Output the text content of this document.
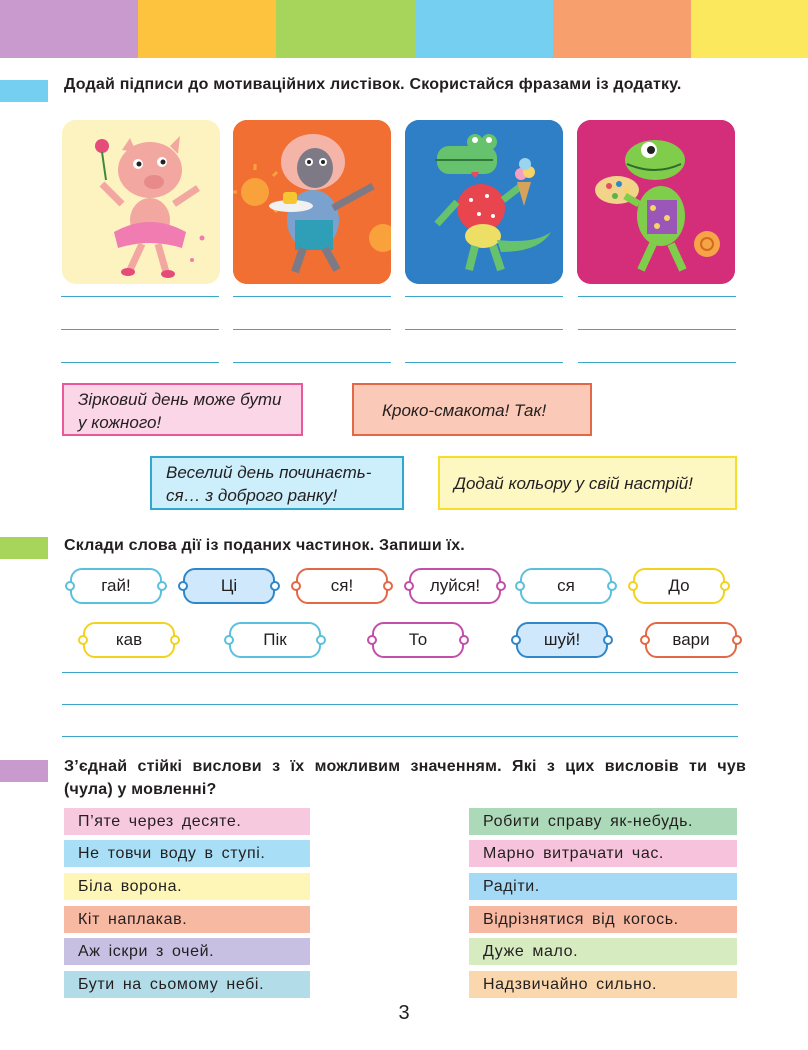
Додай підписи до мотиваційних листівок. Скористайся фразами із додатку.
Зірковий день може бути
у кожного!
Кроко-смакота! Так!
Веселий день починаєть-
ся… з доброго ранку!
Додай кольору у свій настрій!
Склади слова дії із поданих частинок. Запиши їх.
гай!	Ці	ся!	луйся!	ся	До
кав	Пік	То	шуй!	вари
З’єднай стійкі вислови з їх можливим значенням. Які з цих висловів ти чув
(чула) у мовленні?
П’яте через десяте.
Не товчи воду в ступі.
Біла ворона.
Кіт наплакав.
Аж іскри з очей.
Бути на сьомому небі.
Робити справу як-небудь.
Марно витрачати час.
Радіти.
Відрізнятися від когось.
Дуже мало.
Надзвичайно сильно.
3
